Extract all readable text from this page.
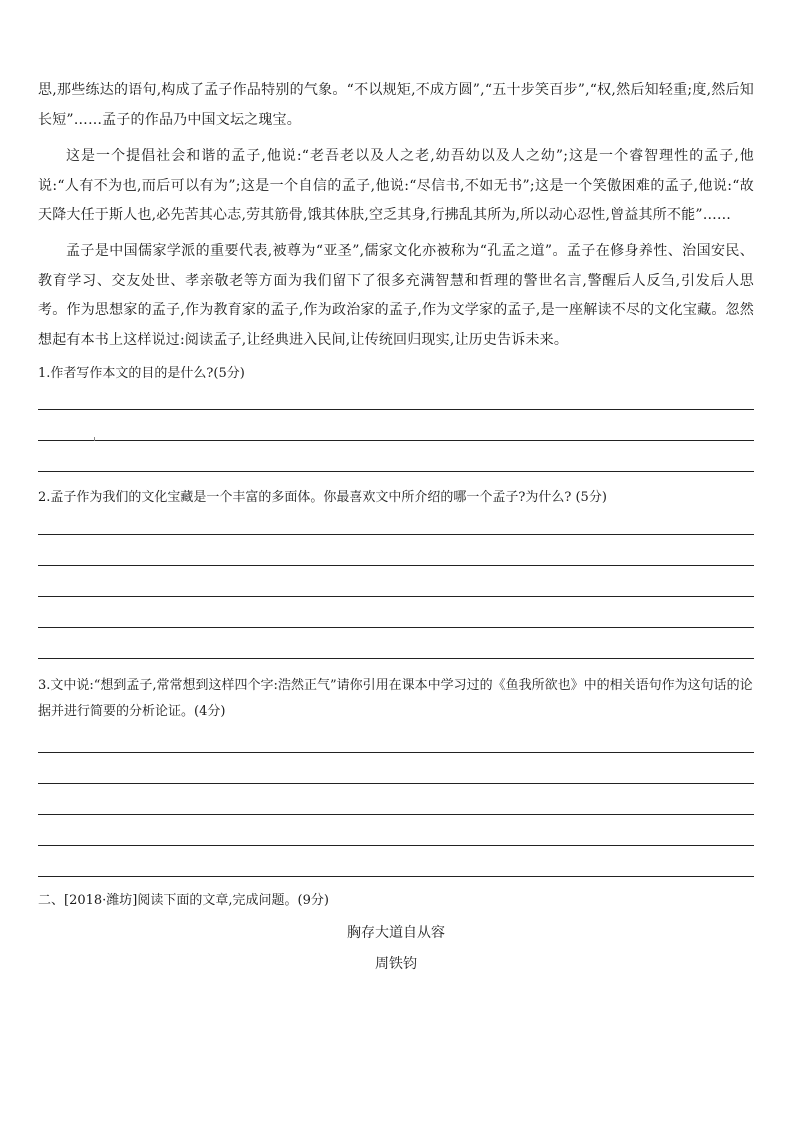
思,那些练达的语句,构成了孟子作品特别的气象。“不以规矩,不成方圆”,“五十步笑百步”,“权,然后知轻重;度,然后知长短”……孟子的作品乃中国文坛之瑰宝。

这是一个提倡社会和谐的孟子,他说:“老吾老以及人之老,幼吾幼以及人之幼”;这是一个睿智理性的孟子,他说:“人有不为也,而后可以有为”;这是一个自信的孟子,他说:“尽信书,不如无书”;这是一个笑傲困难的孟子,他说:“故天降大任于斯人也,必先苦其心志,劳其筋骨,饿其体肤,空乏其身,行拂乱其所为,所以动心忍性,曾益其所不能”……

孟子是中国儒家学派的重要代表,被尊为“亚圣”,儒家文化亦被称为“孔孟之道”。孟子在修身养性、治国安民、教育学习、交友处世、孝亲敬老等方面为我们留下了很多充满智慧和哲理的警世名言,警醒后人反刍,引发后人思考。作为思想家的孟子,作为教育家的孟子,作为政治家的孟子,作为文学家的孟子,是一座解读不尽的文化宝藏。忽然想起有本书上这样说过:阅读孟子,让经典进入民间,让传统回归现实,让历史告诉未来。

1.作者写作本文的目的是什么?(5分)

2.孟子作为我们的文化宝藏是一个丰富的多面体。你最喜欢文中所介绍的哪一个孟子?为什么? (5分)

3.文中说:“想到孟子,常常想到这样四个字:浩然正气”请你引用在课本中学习过的《鱼我所欲也》中的相关语句作为这句话的论据并进行简要的分析论证。(4分)

二、[2018·潍坊]阅读下面的文章,完成问题。(9分)

胸存大道自从容

周铁钧
